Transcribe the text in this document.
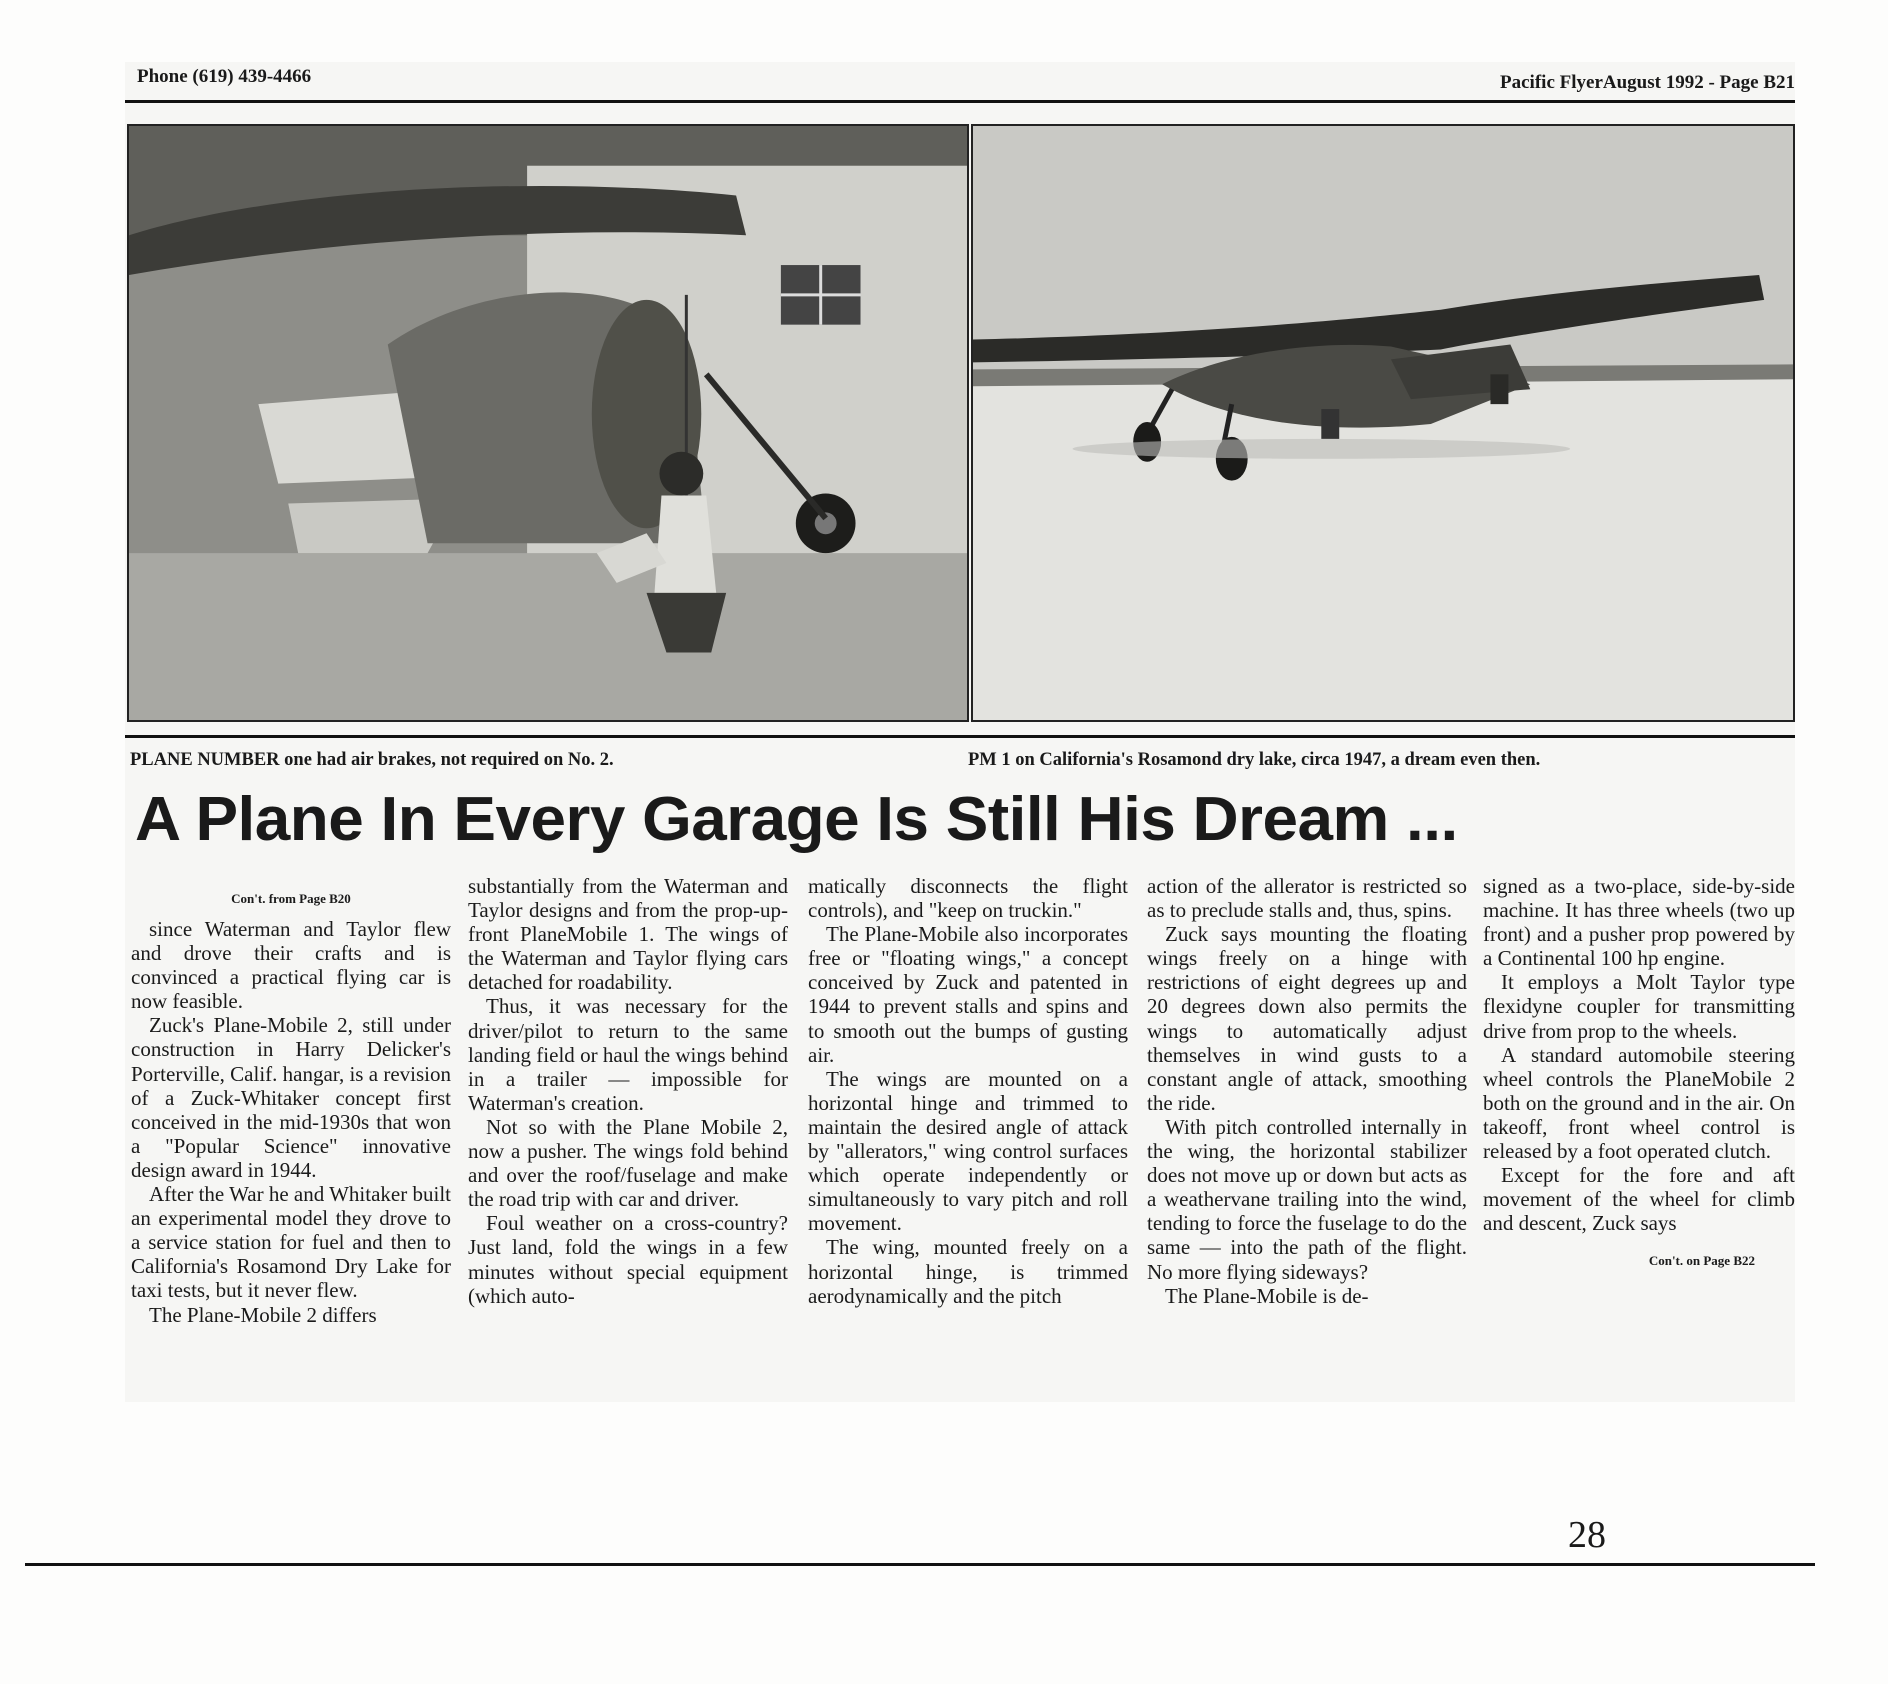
Phone (619) 439-4466	Pacific FlyerAugust 1992 - Page B21
PLANE NUMBER one had air brakes, not required on No. 2.	PM 1 on California's Rosamond dry lake, circa 1947, a dream even then.
A Plane In Every Garage Is Still His Dream ...
Con't. from Page B20

since Waterman and Taylor flew and drove their crafts and is convinced a practical flying car is now feasible.

Zuck's Plane-Mobile 2, still under construction in Harry Delicker's Porterville, Calif. hangar, is a revision of a Zuck-Whitaker concept first conceived in the mid-1930s that won a "Popular Science" innovative design award in 1944.

After the War he and Whitaker built an experimental model they drove to a service station for fuel and then to California's Rosamond Dry Lake for taxi tests, but it never flew.

The Plane-Mobile 2 differs

substantially from the Waterman and Taylor designs and from the prop-up-front PlaneMobile 1. The wings of the Waterman and Taylor flying cars detached for roadability.

Thus, it was necessary for the driver/pilot to return to the same landing field or haul the wings behind in a trailer — impossible for Waterman's creation.

Not so with the Plane Mobile 2, now a pusher. The wings fold behind and over the roof/fuselage and make the road trip with car and driver.

Foul weather on a cross-country? Just land, fold the wings in a few minutes without special equipment (which auto-

matically disconnects the flight controls), and "keep on truckin."

The Plane-Mobile also incorporates free or "floating wings," a concept conceived by Zuck and patented in 1944 to prevent stalls and spins and to smooth out the bumps of gusting air.

The wings are mounted on a horizontal hinge and trimmed to maintain the desired angle of attack by "allerators," wing control surfaces which operate independently or simultaneously to vary pitch and roll movement.

The wing, mounted freely on a horizontal hinge, is trimmed aerodynamically and the pitch

action of the allerator is restricted so as to preclude stalls and, thus, spins.

Zuck says mounting the floating wings freely on a hinge with restrictions of eight degrees up and 20 degrees down also permits the wings to automatically adjust themselves in wind gusts to a constant angle of attack, smoothing the ride.

With pitch controlled internally in the wing, the horizontal stabilizer does not move up or down but acts as a weathervane trailing into the wind, tending to force the fuselage to do the same — into the path of the flight. No more flying sideways?

The Plane-Mobile is de-

signed as a two-place, side-by-side machine. It has three wheels (two up front) and a pusher prop powered by a Continental 100 hp engine.

It employs a Molt Taylor type flexidyne coupler for transmitting drive from prop to the wheels.

A standard automobile steering wheel controls the PlaneMobile 2 both on the ground and in the air. On takeoff, front wheel control is released by a foot operated clutch.

Except for the fore and aft movement of the wheel for climb and descent, Zuck says

Con't. on Page B22
28
